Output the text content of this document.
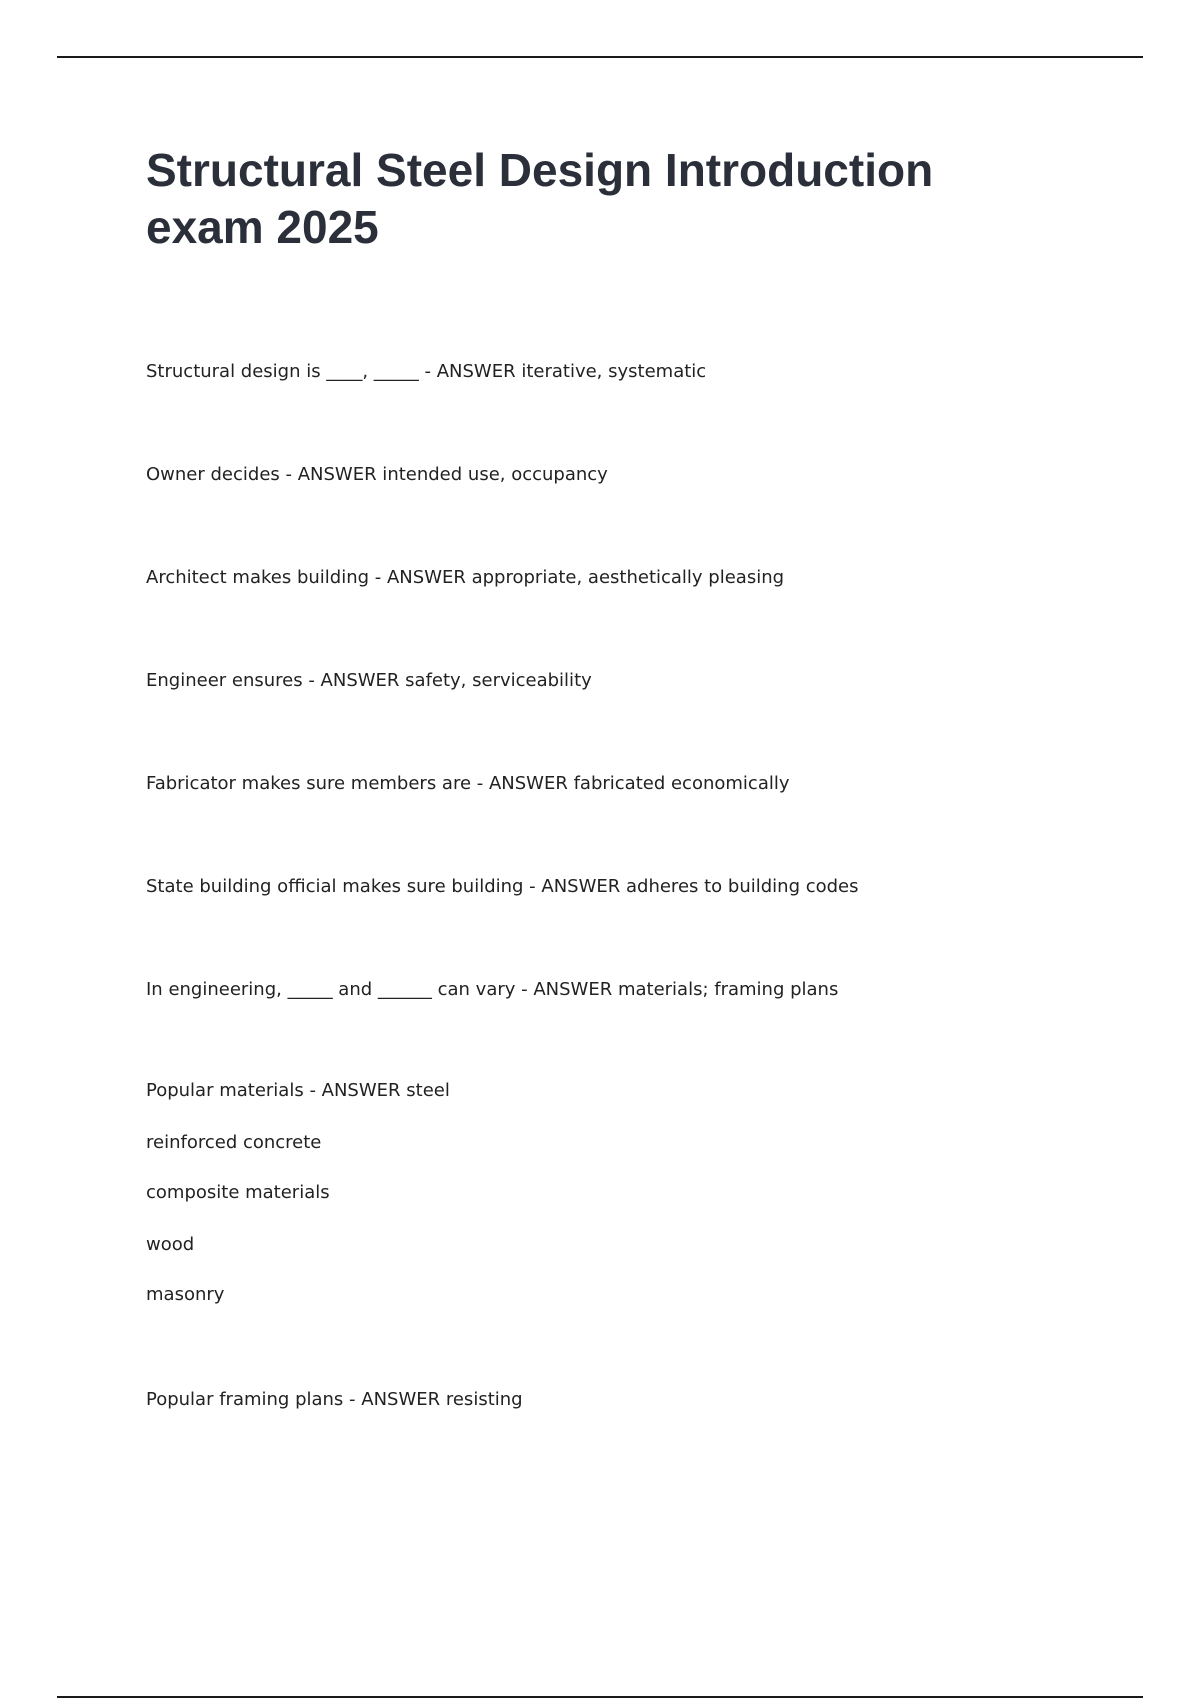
Structural Steel Design Introduction
exam 2025

Structural design is ____, _____ - ANSWER iterative, systematic

Owner decides - ANSWER intended use, occupancy

Architect makes building - ANSWER appropriate, aesthetically pleasing

Engineer ensures - ANSWER safety, serviceability

Fabricator makes sure members are - ANSWER fabricated economically

State building official makes sure building - ANSWER adheres to building codes

In engineering, _____ and ______ can vary - ANSWER materials; framing plans

Popular materials - ANSWER steel

reinforced concrete

composite materials

wood

masonry

Popular framing plans - ANSWER resisting
